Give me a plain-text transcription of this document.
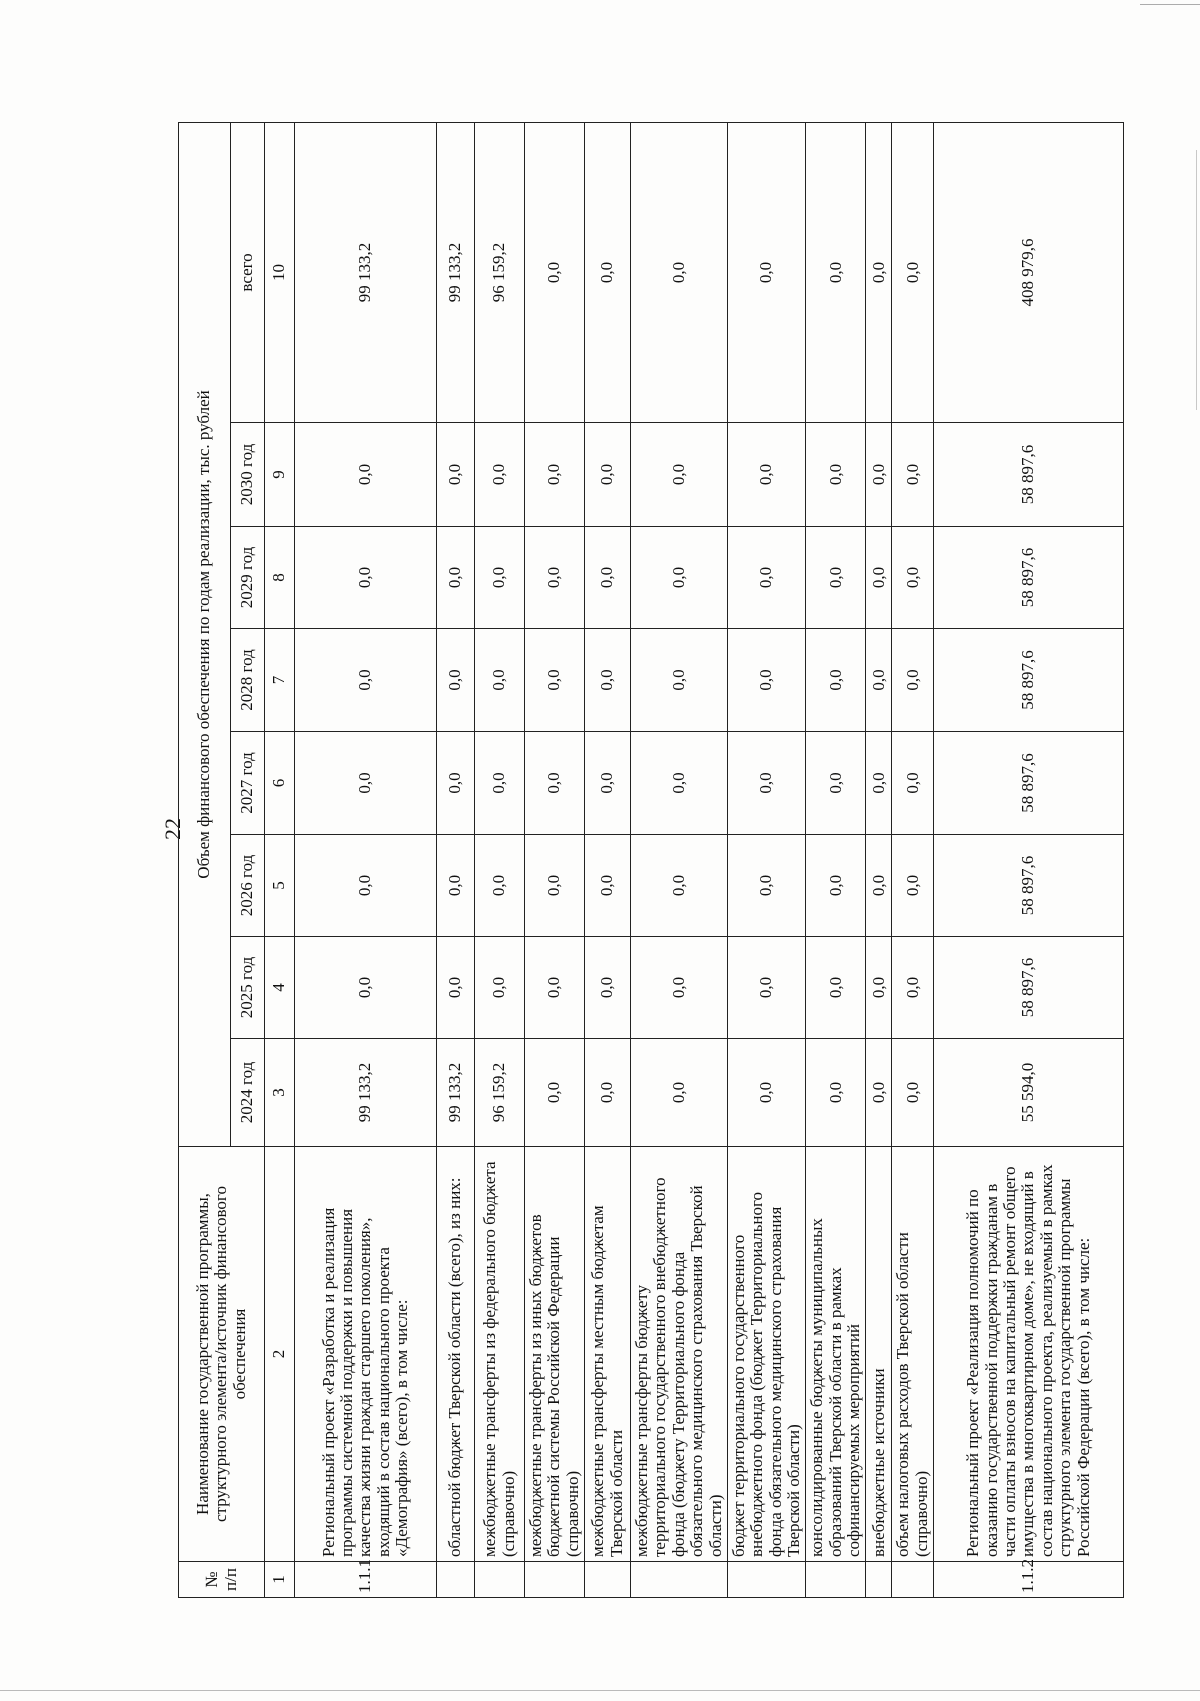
22
№ п/п	Наименование государственной программы, структурного элемента/источник финансового обеспечения	Объем финансового обеспечения по годам реализации, тыс. рублей							
		2024 год	2025 год	2026 год	2027 год	2028 год	2029 год	2030 год	всего
1	2	3	4	5	6	7	8	9	10
1.1.1	Региональный проект «Разработка и реализация программы системной поддержки и повышения качества жизни граждан старшего поколения», входящий в состав национального проекта «Демография» (всего), в том числе:	99 133,2	0,0	0,0	0,0	0,0	0,0	0,0	99 133,2
	областной бюджет Тверской области (всего), из них:	99 133,2	0,0	0,0	0,0	0,0	0,0	0,0	99 133,2
	межбюджетные трансферты из федерального бюджета (справочно)	96 159,2	0,0	0,0	0,0	0,0	0,0	0,0	96 159,2
	межбюджетные трансферты из иных бюджетов бюджетной системы Российской Федерации (справочно)	0,0	0,0	0,0	0,0	0,0	0,0	0,0	0,0
	межбюджетные трансферты местным бюджетам Тверской области	0,0	0,0	0,0	0,0	0,0	0,0	0,0	0,0
	межбюджетные трансферты бюджету территориального государственного внебюджетного фонда (бюджету Территориального фонда обязательного медицинского страхования Тверской области)	0,0	0,0	0,0	0,0	0,0	0,0	0,0	0,0
	бюджет территориального государственного внебюджетного фонда (бюджет Территориального фонда обязательного медицинского страхования Тверской области)	0,0	0,0	0,0	0,0	0,0	0,0	0,0	0,0
	консолидированные бюджеты муниципальных образований Тверской области в рамках софинансируемых мероприятий	0,0	0,0	0,0	0,0	0,0	0,0	0,0	0,0
	внебюджетные источники	0,0	0,0	0,0	0,0	0,0	0,0	0,0	0,0
	объем налоговых расходов Тверской области (справочно)	0,0	0,0	0,0	0,0	0,0	0,0	0,0	0,0
1.1.2	Региональный проект «Реализация полномочий по оказанию государственной поддержки гражданам в части оплаты взносов на капитальный ремонт общего имущества в многоквартирном доме», не входящий в состав национального проекта, реализуемый в рамках структурного элемента государственной программы Российской Федерации (всего), в том числе:	55 594,0	58 897,6	58 897,6	58 897,6	58 897,6	58 897,6	58 897,6	408 979,6
